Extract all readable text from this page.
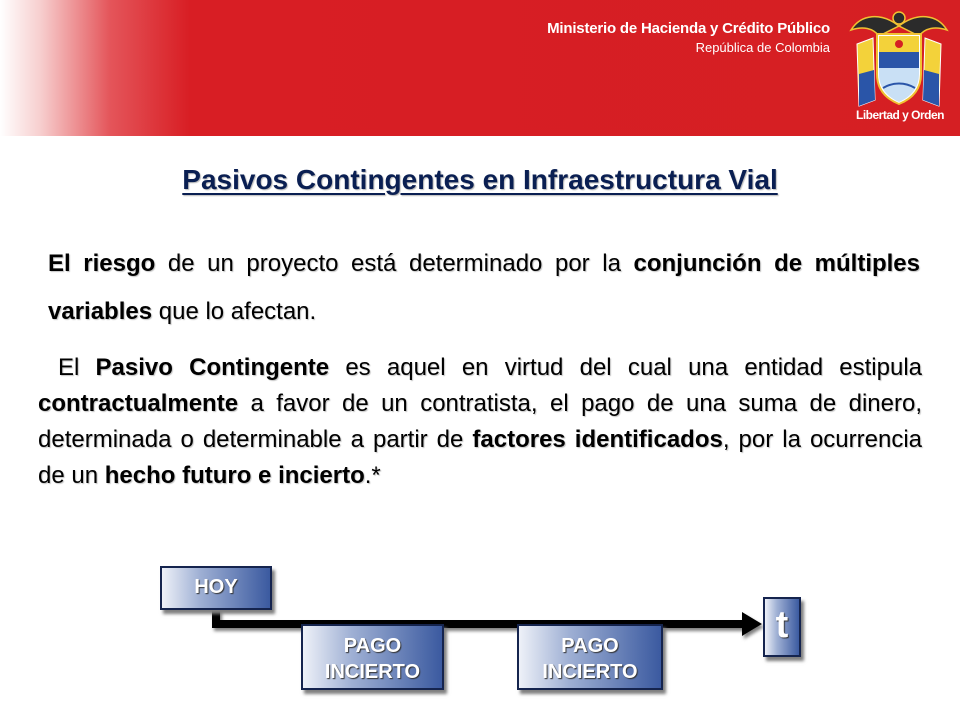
Ministerio de Hacienda y Crédito Público
República de Colombia
Libertad y Orden
Pasivos Contingentes en Infraestructura Vial

El riesgo de un proyecto está determinado por la conjunción de múltiples variables que lo afectan.

El Pasivo Contingente es aquel en virtud del cual una entidad estipula contractualmente a favor de un contratista, el pago de una suma de dinero, determinada o determinable a partir de factores identificados, por la ocurrencia de un hecho futuro e incierto.*

HOY
PAGO
INCIERTO
PAGO
INCIERTO
t
